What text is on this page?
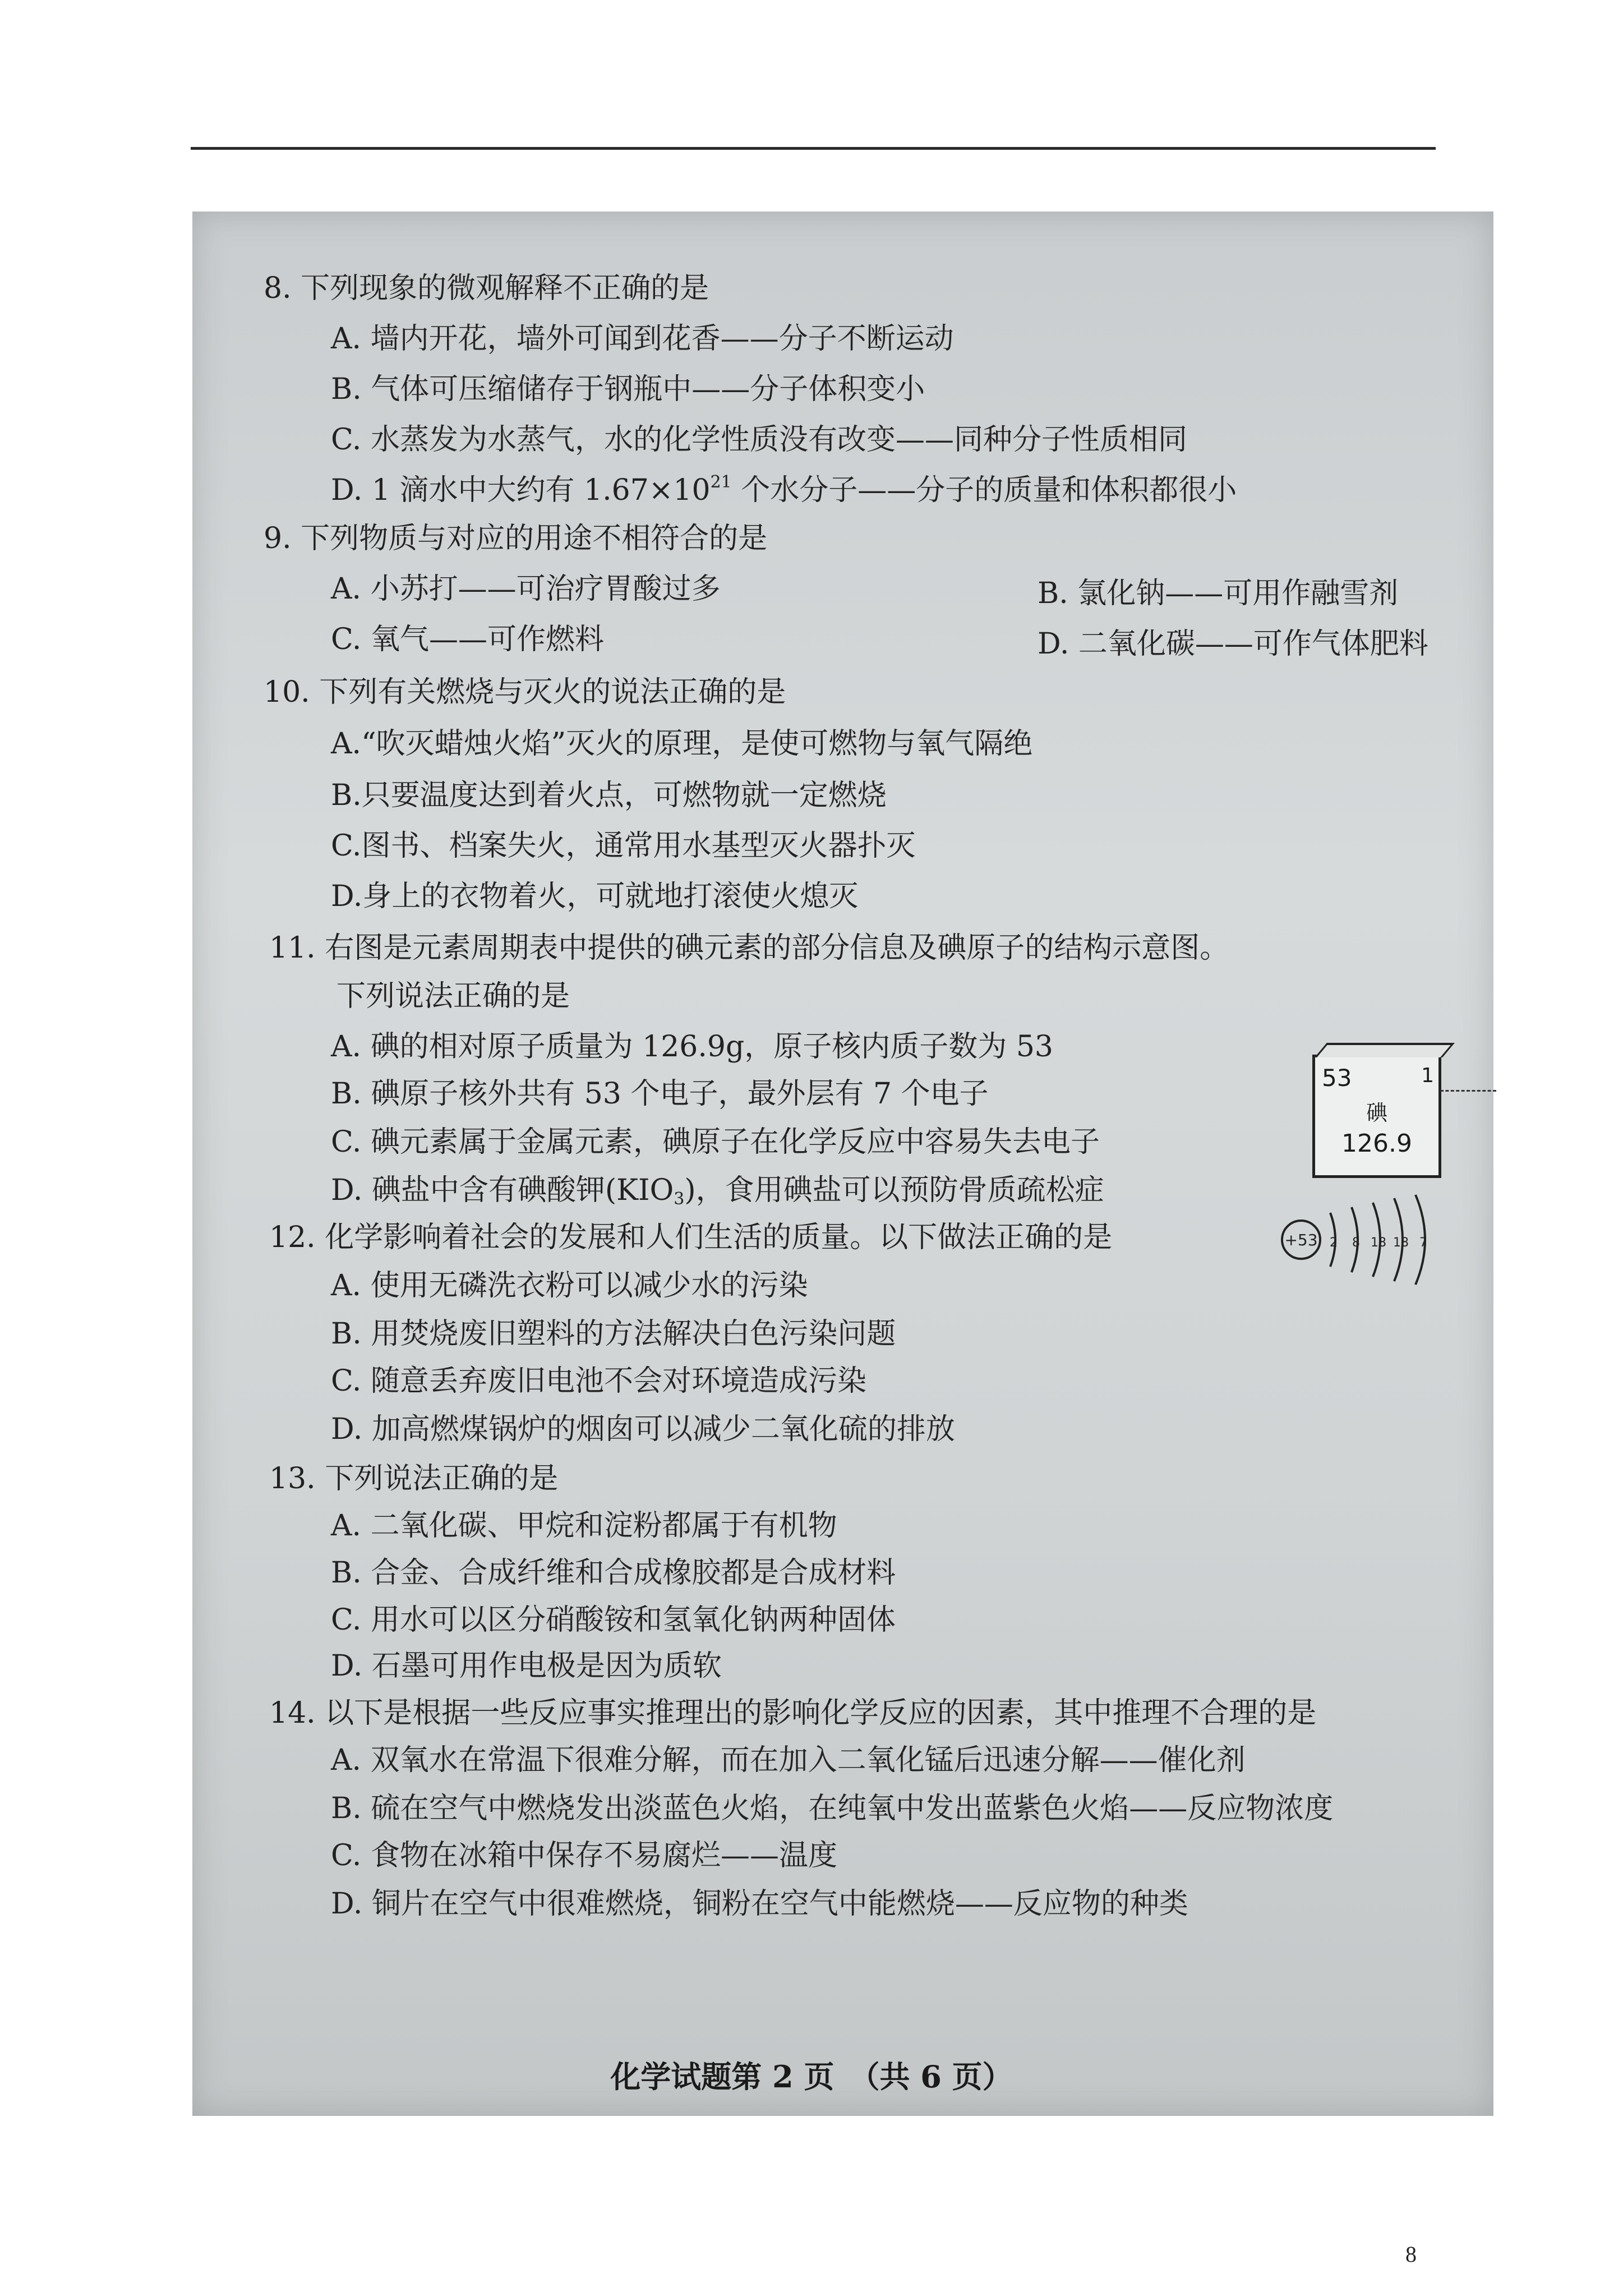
8. 下列现象的微观解释不正确的是
A. 墙内开花，墙外可闻到花香——分子不断运动
B. 气体可压缩储存于钢瓶中——分子体积变小
C. 水蒸发为水蒸气，水的化学性质没有改变——同种分子性质相同
D. 1 滴水中大约有 $1.67\times 10^{21}$ 个水分子——分子的质量和体积都很小
9. 下列物质与对应的用途不相符合的是
A. 小苏打——可治疗胃酸过多	B. 氯化钠——可用作融雪剂
C. 氧气——可作燃料	D. 二氧化碳——可作气体肥料
10. 下列有关燃烧与灭火的说法正确的是
A.“吹灭蜡烛火焰”灭火的原理，是使可燃物与氧气隔绝
B.只要温度达到着火点，可燃物就一定燃烧
C.图书、档案失火，通常用水基型灭火器扑灭
D.身上的衣物着火，可就地打滚使火熄灭
11. 右图是元素周期表中提供的碘元素的部分信息及碘原子的结构示意图。
下列说法正确的是
A. 碘的相对原子质量为 126.9g，原子核内质子数为 53
B. 碘原子核外共有 53 个电子，最外层有 7 个电子
C. 碘元素属于金属元素，碘原子在化学反应中容易失去电子
D. 碘盐中含有碘酸钾$(KIO_3)$，食用碘盐可以预防骨质疏松症
53	1
碘
126.9
+53 2 8 18 18 7
12. 化学影响着社会的发展和人们生活的质量。以下做法正确的是
A. 使用无磷洗衣粉可以减少水的污染
B. 用焚烧废旧塑料的方法解决白色污染问题
C. 随意丢弃废旧电池不会对环境造成污染
D. 加高燃煤锅炉的烟囱可以减少二氧化硫的排放
13. 下列说法正确的是
A. 二氧化碳、甲烷和淀粉都属于有机物
B. 合金、合成纤维和合成橡胶都是合成材料
C. 用水可以区分硝酸铵和氢氧化钠两种固体
D. 石墨可用作电极是因为质软
14. 以下是根据一些反应事实推理出的影响化学反应的因素，其中推理不合理的是
A. 双氧水在常温下很难分解，而在加入二氧化锰后迅速分解——催化剂
B. 硫在空气中燃烧发出淡蓝色火焰，在纯氧中发出蓝紫色火焰——反应物浓度
C. 食物在冰箱中保存不易腐烂——温度
D. 铜片在空气中很难燃烧，铜粉在空气中能燃烧——反应物的种类
化学试题第 2 页　（共 6 页）
8
